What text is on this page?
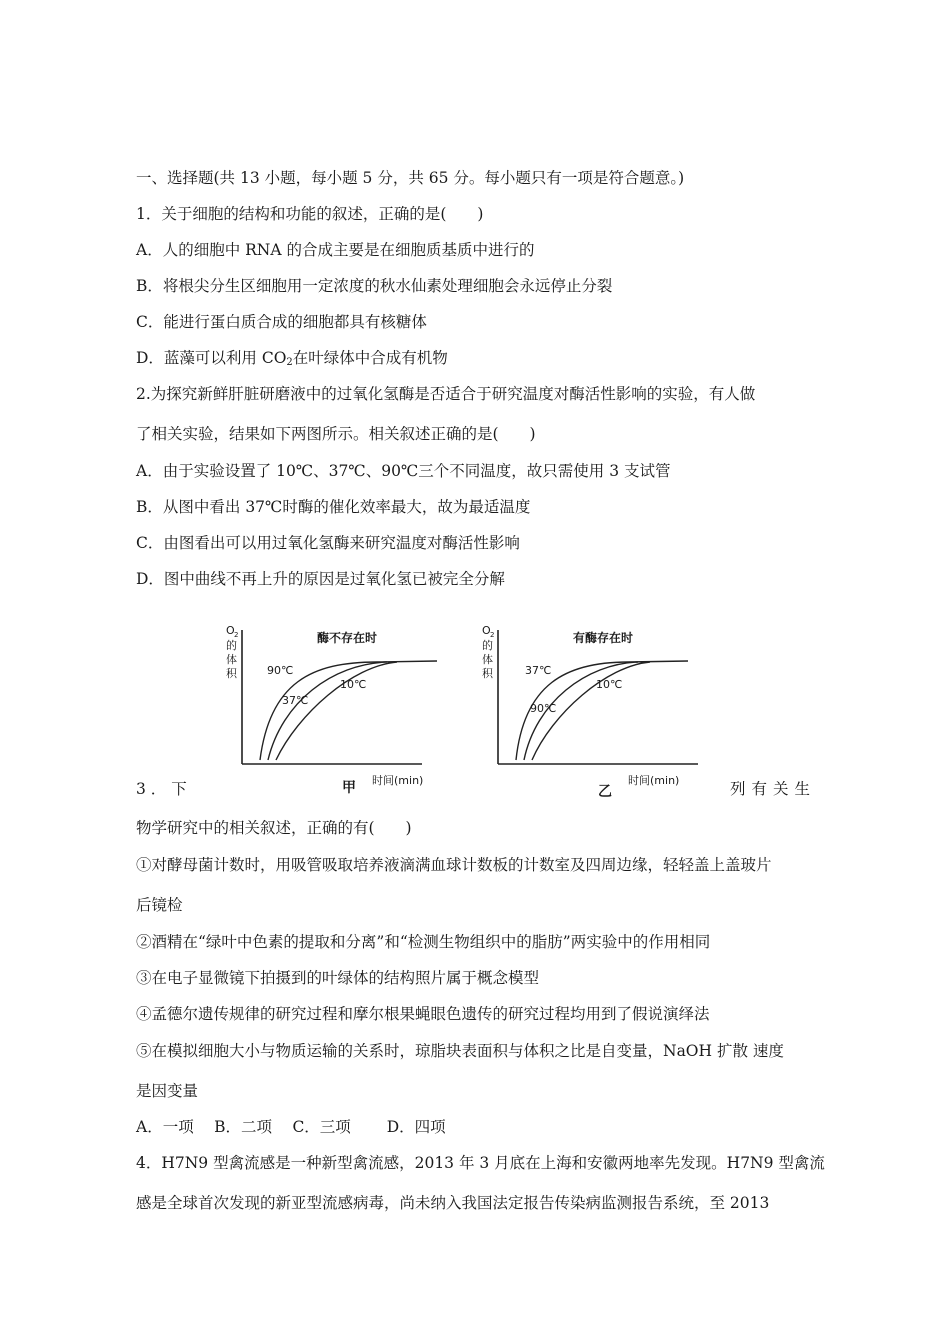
一、选择题(共 13 小题，每小题 5 分，共 65 分。每小题只有一项是符合题意。)
1．关于细胞的结构和功能的叙述，正确的是(　　)
A．人的细胞中 RNA 的合成主要是在细胞质基质中进行的
B．将根尖分生区细胞用一定浓度的秋水仙素处理细胞会永远停止分裂
C．能进行蛋白质合成的细胞都具有核糖体
D．蓝藻可以利用 $CO_2$在叶绿体中合成有机物
2.为探究新鲜肝脏研磨液中的过氧化氢酶是否适合于研究温度对酶活性影响的实验，有人做
了相关实验，结果如下两图所示。相关叙述正确的是(　　)
A．由于实验设置了 10℃、37℃、90℃三个不同温度，故只需使用 3 支试管
B．从图中看出 37℃时酶的催化效率最大，故为最适温度
C．由图看出可以用过氧化氢酶来研究温度对酶活性影响
D．图中曲线不再上升的原因是过氧化氢已被完全分解
O 2
的
体
积
酶不存在时
90℃
37℃
10℃
时间(min)
甲
O 2
的
体
积
有酶存在时
37℃
90℃
10℃
时间(min)
乙
3 ． 下	列有关生
物学研究中的相关叙述，正确的有(　　)
①对酵母菌计数时，用吸管吸取培养液滴满血球计数板的计数室及四周边缘，轻轻盖上盖玻片
后镜检
②酒精在“绿叶中色素的提取和分离”和“检测生物组织中的脂肪”两实验中的作用相同
③在电子显微镜下拍摄到的叶绿体的结构照片属于概念模型
④孟德尔遗传规律的研究过程和摩尔根果蝇眼色遗传的研究过程均用到了假说演绎法
⑤在模拟细胞大小与物质运输的关系时，琼脂块表面积与体积之比是自变量，NaOH 扩散 速度
是因变量
A．一项　 B．二项　 C．三项　　 D．四项
4．H7N9 型禽流感是一种新型禽流感，2013 年 3 月底在上海和安徽两地率先发现。H7N9 型禽流
感是全球首次发现的新亚型流感病毒，尚未纳入我国法定报告传染病监测报告系统，至 2013
